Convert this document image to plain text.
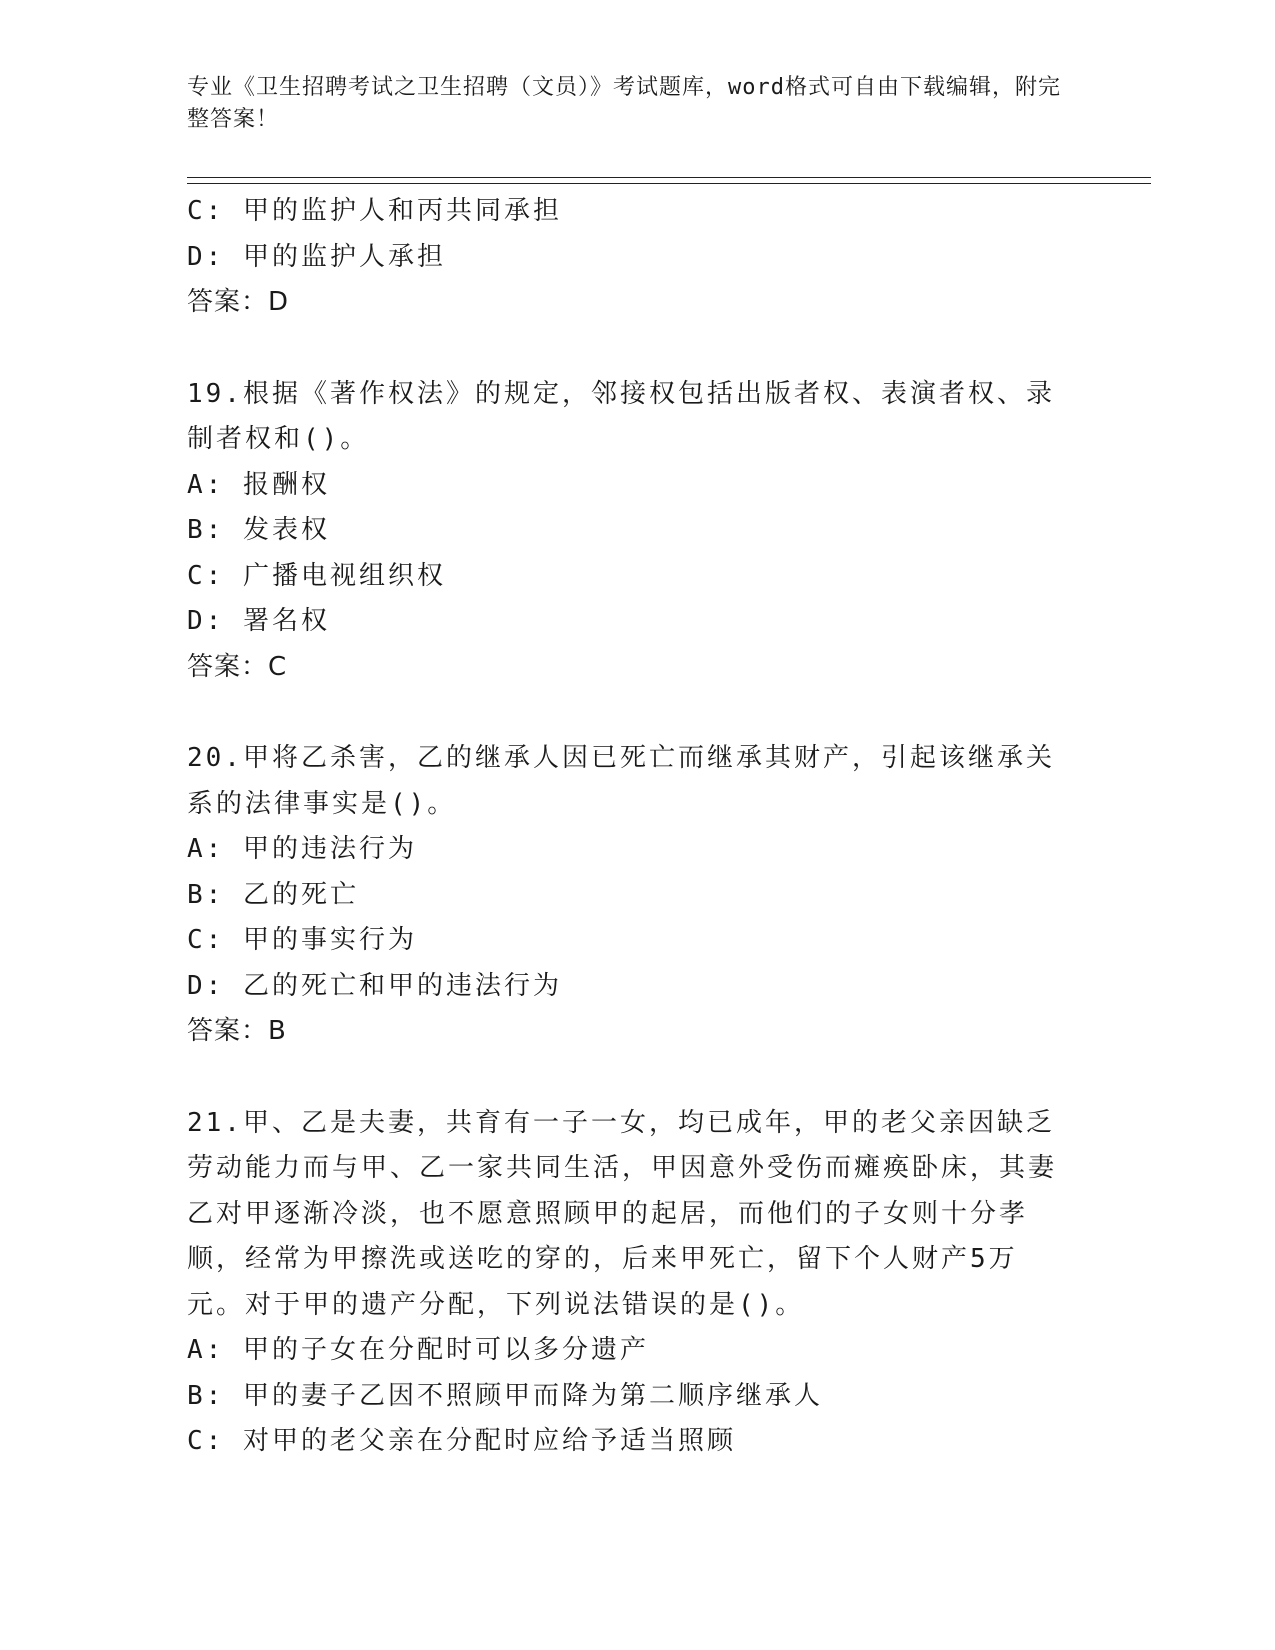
专业《卫生招聘考试之卫生招聘（文员）》考试题库，word格式可自由下载编辑，附完整答案！
C: 甲的监护人和丙共同承担
D: 甲的监护人承担
答案：D
19.根据《著作权法》的规定，邻接权包括出版者权、表演者权、录制者权和()。
A: 报酬权
B: 发表权
C: 广播电视组织权
D: 署名权
答案：C
20.甲将乙杀害，乙的继承人因已死亡而继承其财产，引起该继承关系的法律事实是()。
A: 甲的违法行为
B: 乙的死亡
C: 甲的事实行为
D: 乙的死亡和甲的违法行为
答案：B
21.甲、乙是夫妻，共育有一子一女，均已成年，甲的老父亲因缺乏劳动能力而与甲、乙一家共同生活，甲因意外受伤而瘫痪卧床，其妻乙对甲逐渐冷淡，也不愿意照顾甲的起居，而他们的子女则十分孝顺，经常为甲擦洗或送吃的穿的，后来甲死亡，留下个人财产5万元。对于甲的遗产分配，下列说法错误的是()。
A: 甲的子女在分配时可以多分遗产
B: 甲的妻子乙因不照顾甲而降为第二顺序继承人
C: 对甲的老父亲在分配时应给予适当照顾
